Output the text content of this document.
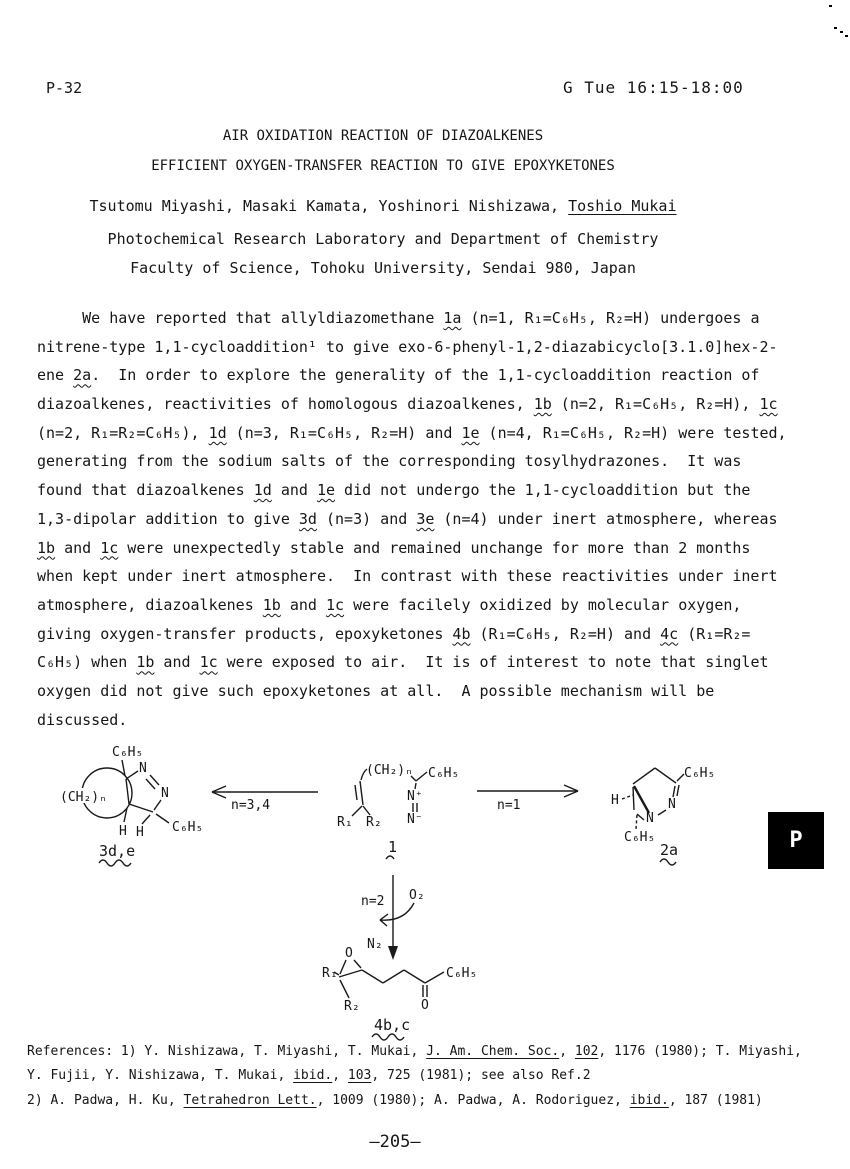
P-32	G Tue 16:15-18:00
AIR OXIDATION REACTION OF DIAZOALKENES
EFFICIENT OXYGEN-TRANSFER REACTION TO GIVE EPOXYKETONES
Tsutomu Miyashi, Masaki Kamata, Yoshinori Nishizawa, Toshio Mukai
Photochemical Research Laboratory and Department of Chemistry
Faculty of Science, Tohoku University, Sendai 980, Japan
We have reported that allyldiazomethane 1a (n=1, R₁=C₆H₅, R₂=H) undergoes a
nitrene-type 1,1-cycloaddition¹ to give exo-6-phenyl-1,2-diazabicyclo[3.1.0]hex-2-
ene 2a.  In order to explore the generality of the 1,1-cycloaddition reaction of
diazoalkenes, reactivities of homologous diazoalkenes, 1b (n=2, R₁=C₆H₅, R₂=H), 1c
(n=2, R₁=R₂=C₆H₅), 1d (n=3, R₁=C₆H₅, R₂=H) and 1e (n=4, R₁=C₆H₅, R₂=H) were tested,
generating from the sodium salts of the corresponding tosylhydrazones.  It was
found that diazoalkenes 1d and 1e did not undergo the 1,1-cycloaddition but the
1,3-dipolar addition to give 3d (n=3) and 3e (n=4) under inert atmosphere, whereas
1b and 1c were unexpectedly stable and remained unchange for more than 2 months
when kept under inert atmosphere.  In contrast with these reactivities under inert
atmosphere, diazoalkenes 1b and 1c were facilely oxidized by molecular oxygen,
giving oxygen-transfer products, epoxyketones 4b (R₁=C₆H₅, R₂=H) and 4c (R₁=R₂=
C₆H₅) when 1b and 1c were exposed to air.  It is of interest to note that singlet
oxygen did not give such epoxyketones at all.  A possible mechanism will be
discussed.
C₆H₅
N
N
(CH₂)ₙ
H H C₆H₅
3d,e
n=3,4
(CH₂)ₙ C₆H₅
N⁺
N⁻
R₁ R₂
1
n=1
C₆H₅
H	N
N
C₆H₅
2a
n=2 O₂
N₂
O
R₁
R₂	O
C₆H₅
4b,c
P
References: 1) Y. Nishizawa, T. Miyashi, T. Mukai, J. Am. Chem. Soc., 102, 1176 (1980); T. Miyashi,
Y. Fujii, Y. Nishizawa, T. Mukai, ibid., 103, 725 (1981); see also Ref.2
2) A. Padwa, H. Ku, Tetrahedron Lett., 1009 (1980); A. Padwa, A. Rodoriguez, ibid., 187 (1981)
—205—
